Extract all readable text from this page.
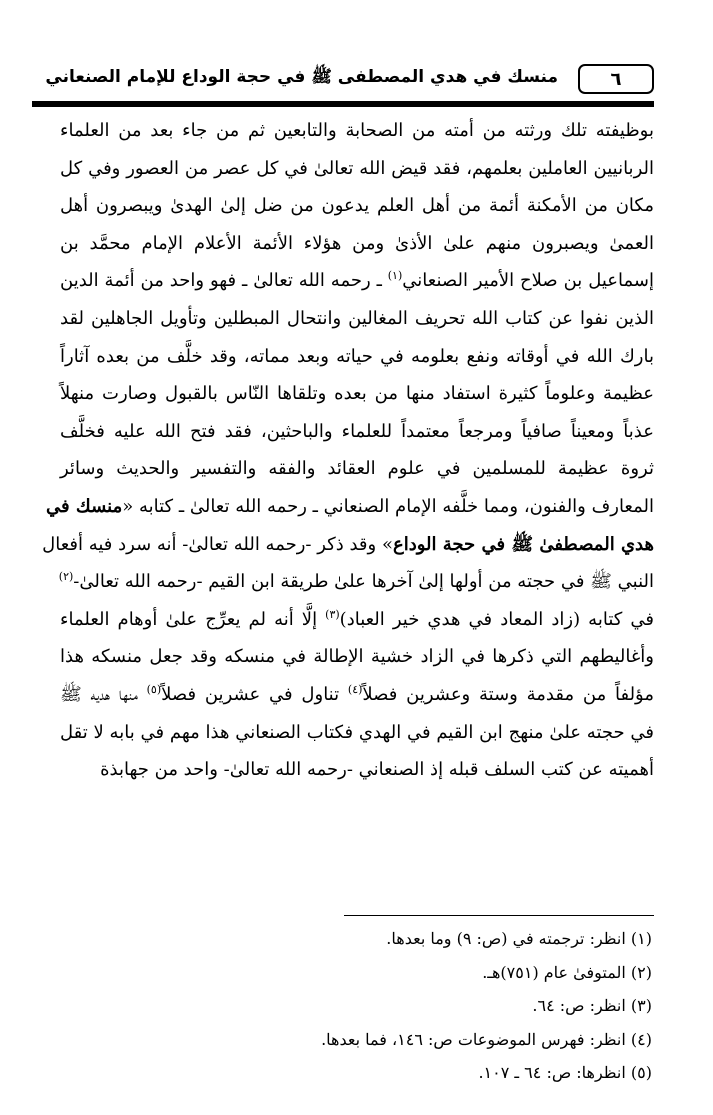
٦
منسك في هدي المصطفى ﷺ في حجة الوداع للإمام الصنعاني
بوظيفته تلك ورثته من أمته من الصحابة والتابعين ثم من جاء بعد من العلماء
الربانيين العاملين بعلمهم، فقد قيض الله تعالىٰ في كل عصر من العصور وفي كل
مكان من الأمكنة أئمة من أهل العلم يدعون من ضل إلىٰ الهدىٰ ويبصرون أهل
العمىٰ ويصبرون منهم علىٰ الأذىٰ ومن هؤلاء الأئمة الأعلام الإمام محمَّد بن
إسماعيل بن صلاح الأمير الصنعاني$^{(١)}$ ـ رحمه الله تعالىٰ ـ فهو واحد من أئمة الدين
الذين نفوا عن كتاب الله تحريف المغالين وانتحال المبطلين وتأويل الجاهلين لقد
بارك الله في أوقاته ونفع بعلومه في حياته وبعد مماته، وقد خلَّف من بعده آثاراً
عظيمة وعلوماً كثيرة استفاد منها من بعده وتلقاها النّاس بالقبول وصارت منهلاً
عذباً ومعيناً صافياً ومرجعاً معتمداً للعلماء والباحثين، فقد فتح الله عليه فخلَّف
ثروة عظيمة للمسلمين في علوم العقائد والفقه والتفسير والحديث وسائر
المعارف والفنون، ومما خلَّفه الإمام الصنعاني ـ رحمه الله تعالىٰ ـ كتابه «منسك في
هدي المصطفىٰ ﷺ في حجة الوداع» وقد ذكر -رحمه الله تعالىٰ- أنه سرد فيه أفعال
النبي ﷺ في حجته من أولها إلىٰ آخرها علىٰ طريقة ابن القيم -رحمه الله تعالىٰ-$^{(٢)}$
في كتابه (زاد المعاد في هدي خير العباد)$^{(٣)}$ إلَّا أنه لم يعرِّج علىٰ أوهام العلماء
وأغاليطهم التي ذكرها في الزاد خشية الإطالة في منسكه وقد جعل منسكه هذا
مؤلفاً من مقدمة وستة وعشرين فصلاً$^{(٤)}$ تناول في عشرين فصلاً$^{(٥)}$ منها هديه ﷺ
في حجته علىٰ منهج ابن القيم في الهدي فكتاب الصنعاني هذا مهم في بابه لا تقل
أهميته عن كتب السلف قبله إذ الصنعاني -رحمه الله تعالىٰ- واحد من جهابذة
(١) انظر: ترجمته في (ص: ٩) وما بعدها.
(٢) المتوفىٰ عام (٧٥١)هـ.
(٣) انظر: ص: ٦٤.
(٤) انظر: فهرس الموضوعات ص: ١٤٦، فما بعدها.
(٥) انظرها: ص: ٦٤ ـ ١٠٧.
